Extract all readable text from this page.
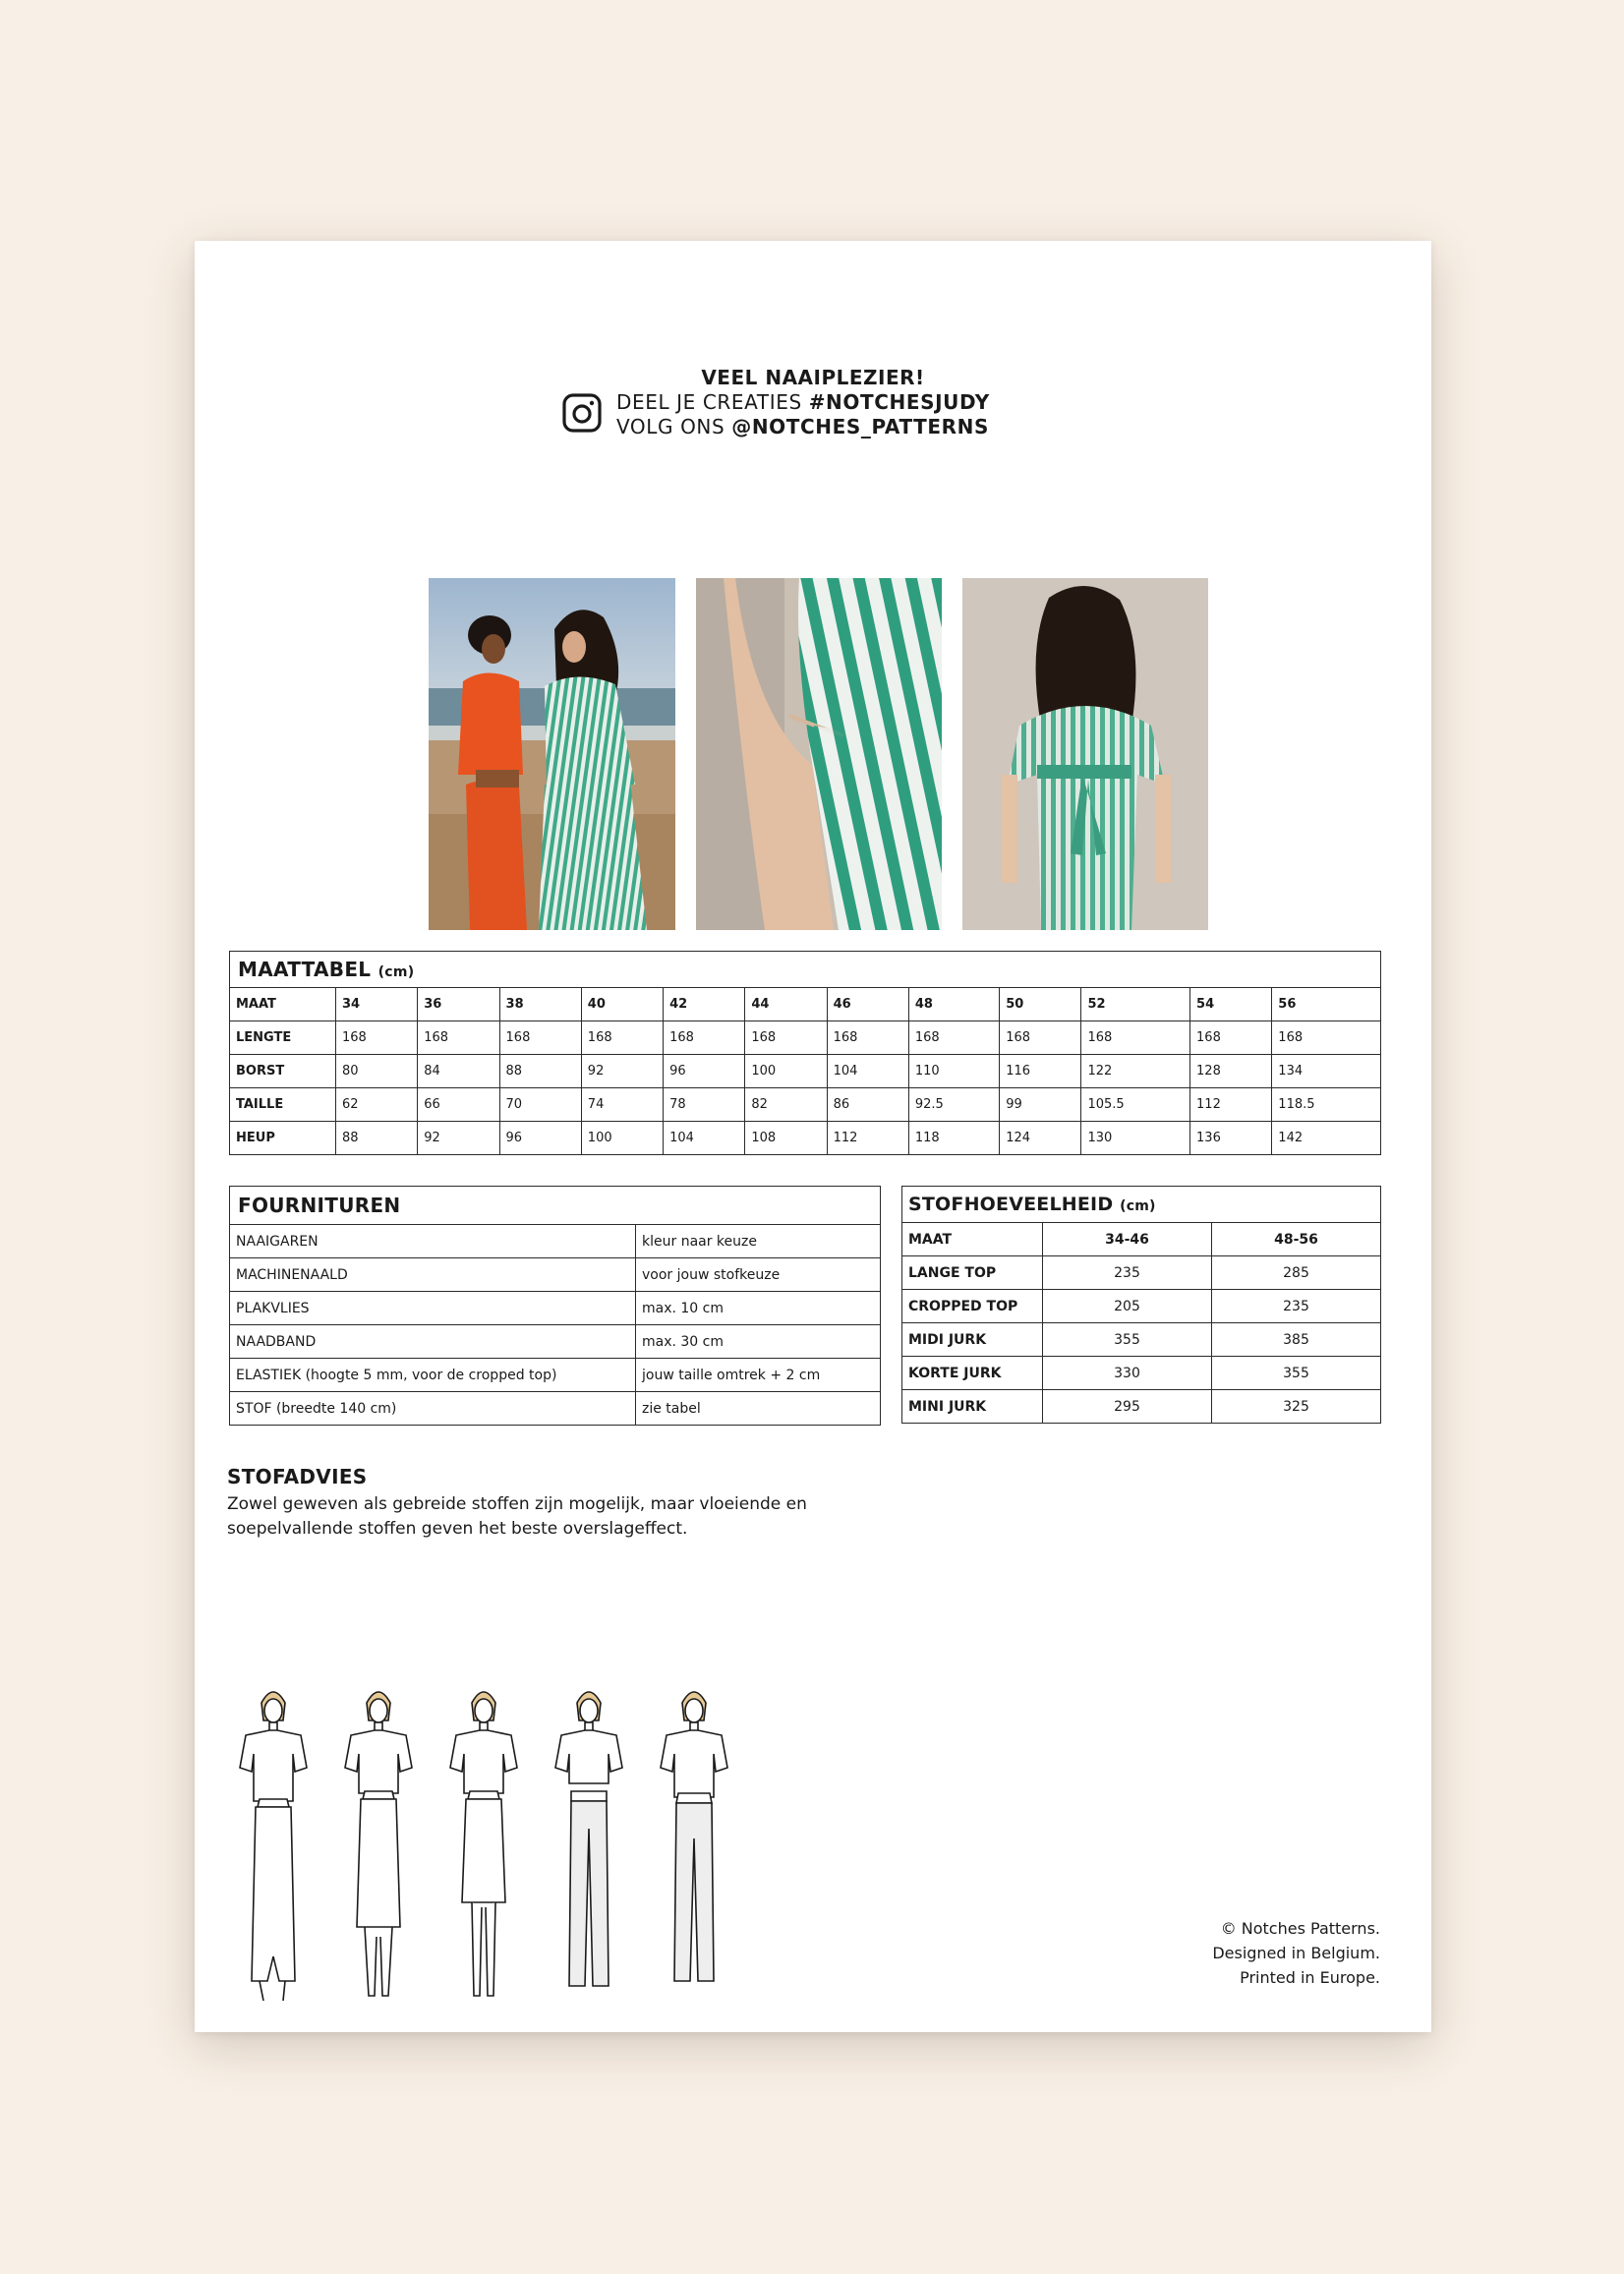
VEEL NAAIPLEZIER!
DEEL JE CREATIES #NOTCHESJUDY
VOLG ONS @NOTCHES_PATTERNS
MAATTABEL (cm)												
MAAT	34	36	38	40	42	44	46	48	50	52	54	56
LENGTE	168	168	168	168	168	168	168	168	168	168	168	168
BORST	80	84	88	92	96	100	104	110	116	122	128	134
TAILLE	62	66	70	74	78	82	86	92.5	99	105.5	112	118.5
HEUP	88	92	96	100	104	108	112	118	124	130	136	142
FOURNITUREN	
NAAIGAREN	kleur naar keuze
MACHINENAALD	voor jouw stofkeuze
PLAKVLIES	max. 10 cm
NAADBAND	max. 30 cm
ELASTIEK (hoogte 5 mm, voor de cropped top)	jouw taille omtrek + 2 cm
STOF (breedte 140 cm)	zie tabel
STOFHOEVEELHEID (cm)		
MAAT	34-46	48-56
LANGE TOP	235	285
CROPPED TOP	205	235
MIDI JURK	355	385
KORTE JURK	330	355
MINI JURK	295	325
STOFADVIES

Zowel geweven als gebreide stoffen zijn mogelijk, maar vloeiende en
soepelvallende stoffen geven het beste overslageffect.

© Notches Patterns.
Designed in Belgium.
Printed in Europe.
